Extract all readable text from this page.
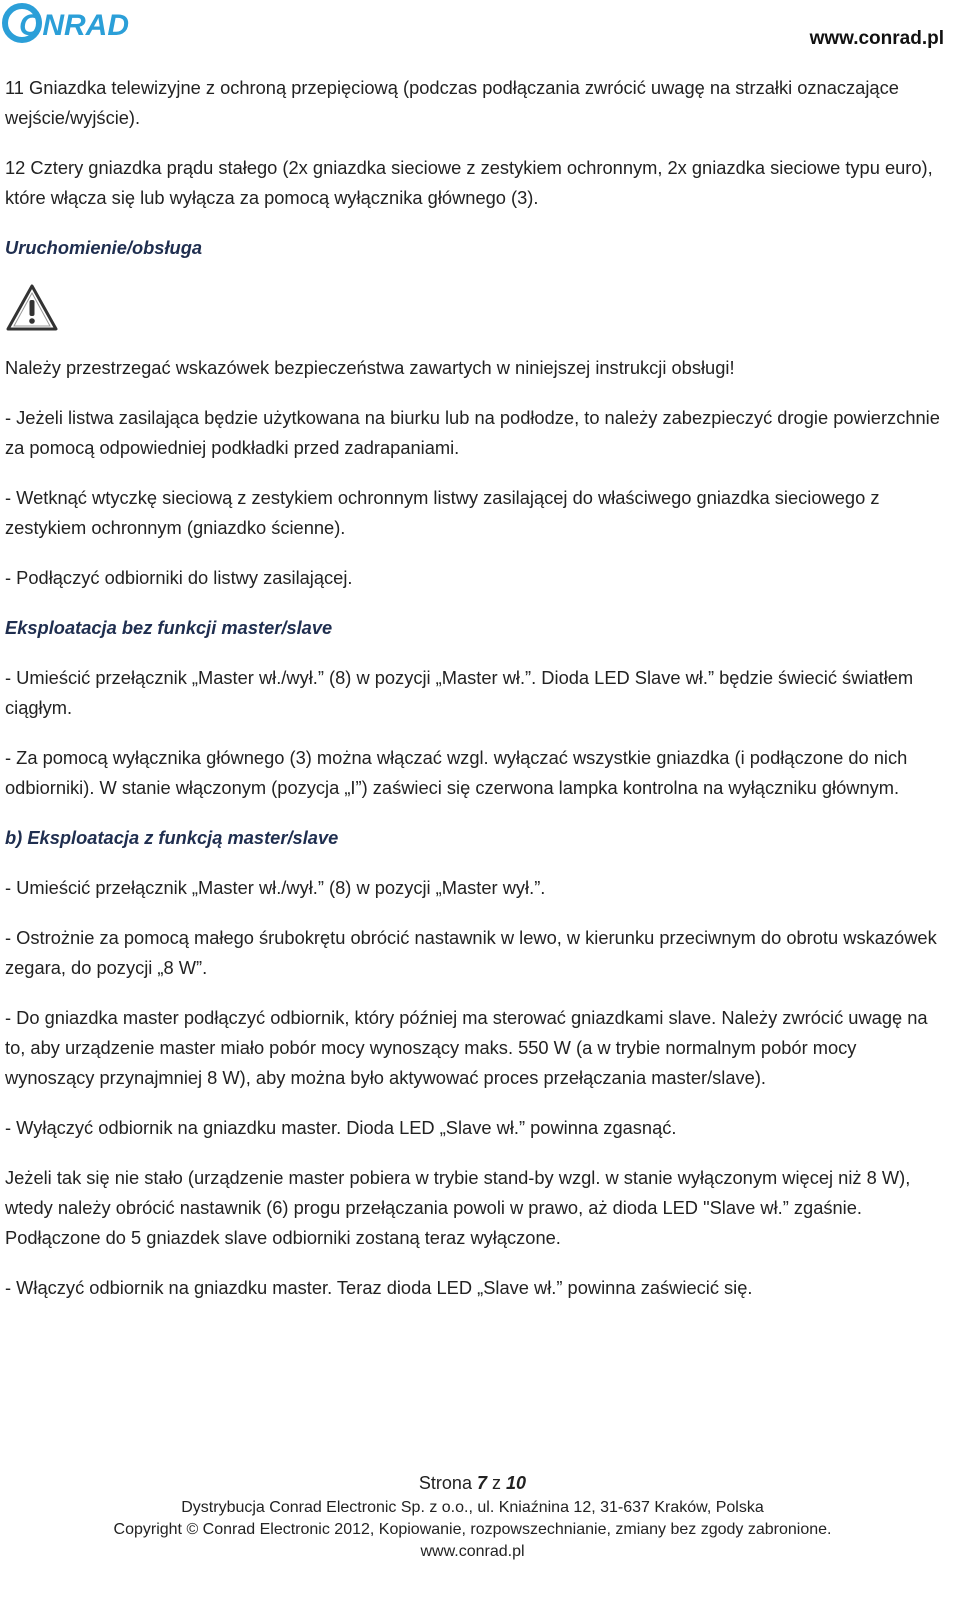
ONRAD	www.conrad.pl

11 Gniazdka telewizyjne z ochroną przepięciową (podczas podłączania zwrócić uwagę na strzałki oznaczające wejście/wyjście).

12 Cztery gniazdka prądu stałego (2x gniazdka sieciowe z zestykiem ochronnym, 2x gniazdka sieciowe typu euro), które włącza się lub wyłącza za pomocą wyłącznika głównego (3).

Uruchomienie/obsługa

Należy przestrzegać wskazówek bezpieczeństwa zawartych w niniejszej instrukcji obsługi!

- Jeżeli listwa zasilająca będzie użytkowana na biurku lub na podłodze, to należy zabezpieczyć drogie powierzchnie za pomocą odpowiedniej podkładki przed zadrapaniami.

- Wetknąć wtyczkę sieciową z zestykiem ochronnym listwy zasilającej do właściwego gniazdka sieciowego z zestykiem ochronnym (gniazdko ścienne).

- Podłączyć odbiorniki do listwy zasilającej.

Eksploatacja bez funkcji master/slave

- Umieścić przełącznik „Master wł./wył.” (8) w pozycji „Master wł.”. Dioda LED Slave wł.” będzie świecić światłem ciągłym.

- Za pomocą wyłącznika głównego (3) można włączać wzgl. wyłączać wszystkie gniazdka (i podłączone do nich odbiorniki). W stanie włączonym (pozycja „I”) zaświeci się czerwona lampka kontrolna na wyłączniku głównym.

b) Eksploatacja z funkcją master/slave

- Umieścić przełącznik „Master wł./wył.” (8) w pozycji „Master wył.”.

- Ostrożnie za pomocą małego śrubokrętu obrócić nastawnik w lewo, w kierunku przeciwnym do obrotu wskazówek zegara, do pozycji „8 W”.

- Do gniazdka master podłączyć odbiornik, który później ma sterować gniazdkami slave. Należy zwrócić uwagę na to, aby urządzenie master miało pobór mocy wynoszący maks. 550 W (a w trybie normalnym pobór mocy wynoszący przynajmniej 8 W), aby można było aktywować proces przełączania master/slave).

- Wyłączyć odbiornik na gniazdku master. Dioda LED „Slave wł.” powinna zgasnąć.

Jeżeli tak się nie stało (urządzenie master pobiera w trybie stand-by wzgl. w stanie wyłączonym więcej niż 8 W), wtedy należy obrócić nastawnik (6) progu przełączania powoli w prawo, aż dioda LED "Slave wł.” zgaśnie. Podłączone do 5 gniazdek slave odbiorniki zostaną teraz wyłączone.

- Włączyć odbiornik na gniazdku master. Teraz dioda LED „Slave wł.” powinna zaświecić się.

Strona 7 z 10
Dystrybucja Conrad Electronic Sp. z o.o., ul. Kniaźnina 12, 31-637 Kraków, Polska
Copyright © Conrad Electronic 2012, Kopiowanie, rozpowszechnianie, zmiany bez zgody zabronione.
www.conrad.pl
